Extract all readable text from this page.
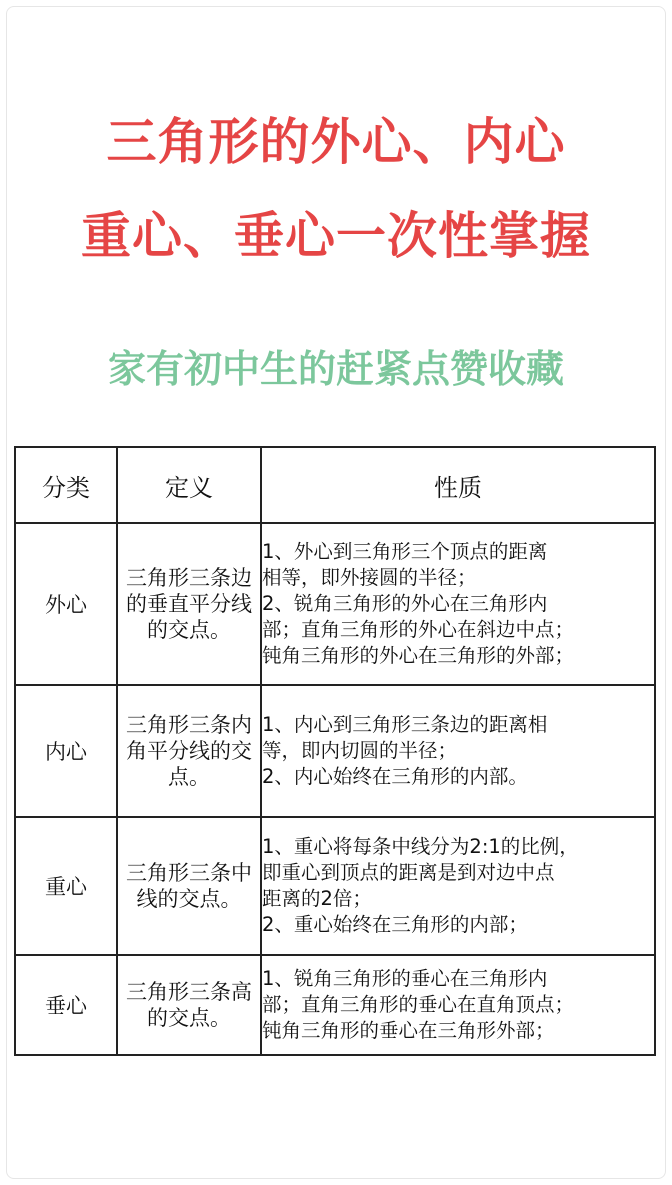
三角形的外心、内心
重心、垂心一次性掌握
家有初中生的赶紧点赞收藏
分类	定义	性质
外心	三角形三条边的垂直平分线的交点。	1、外心到三角形三个顶点的距离
相等，即外接圆的半径；
2、锐角三角形的外心在三角形内
部；直角三角形的外心在斜边中点；
钝角三角形的外心在三角形的外部；

内心	三角形三条内角平分线的交点。	1、内心到三角形三条边的距离相
等，即内切圆的半径；
2、内心始终在三角形的内部。

重心	三角形三条中线的交点。	1、重心将每条中线分为2:1的比例，
即重心到顶点的距离是到对边中点
距离的2倍；
2、重心始终在三角形的内部；

垂心	三角形三条高的交点。	1、锐角三角形的垂心在三角形内
部；直角三角形的垂心在直角顶点；
钝角三角形的垂心在三角形外部；
